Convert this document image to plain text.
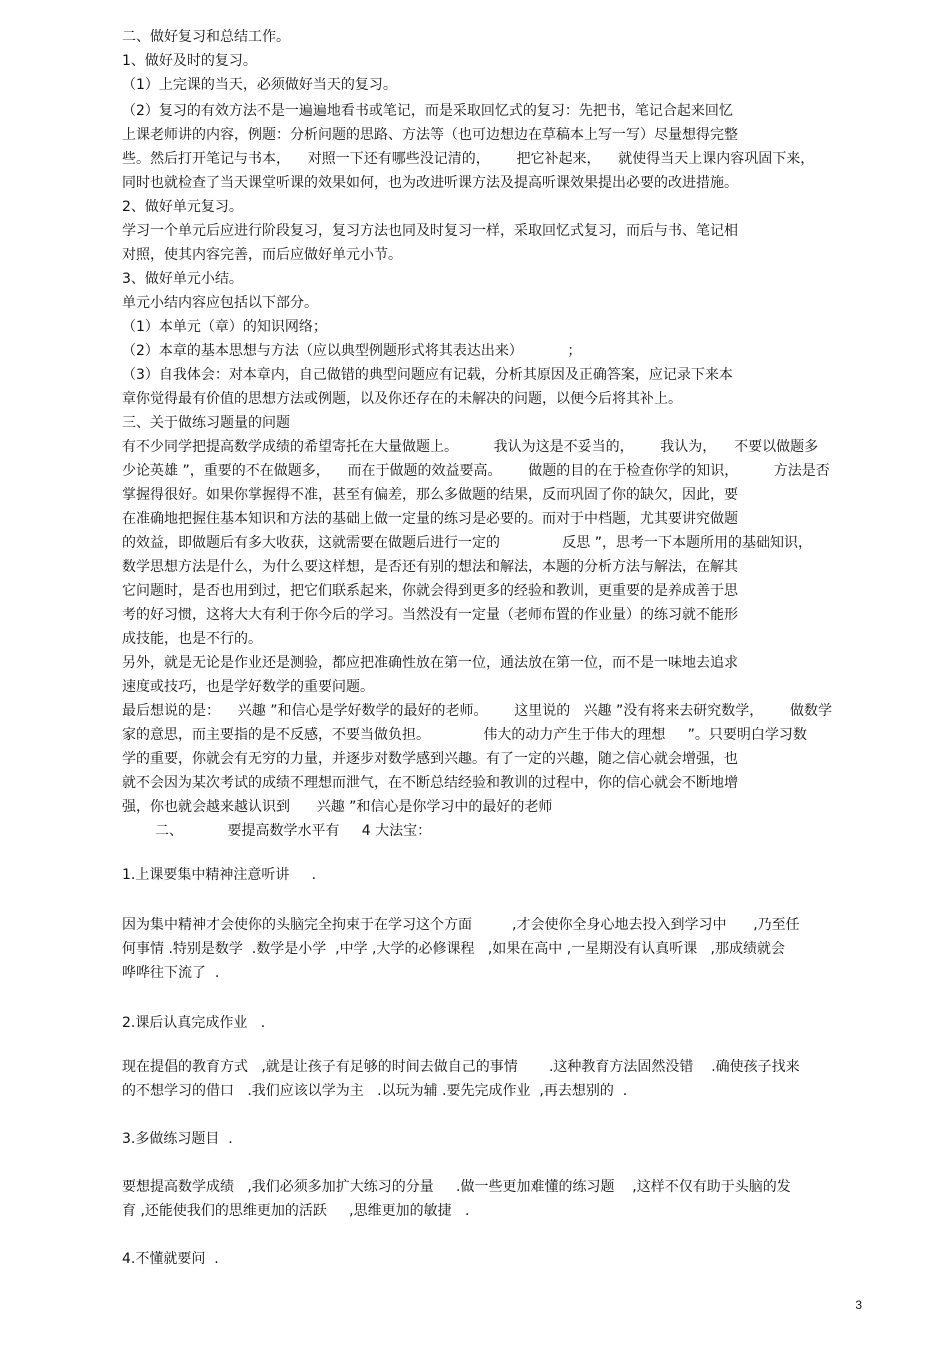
二、做好复习和总结工作。
1、做好及时的复习。
（1）上完课的当天，必须做好当天的复习。
（2）复习的有效方法不是一遍遍地看书或笔记，而是采取回忆式的复习：先把书，笔记合起来回忆
上课老师讲的内容，例题：分析问题的思路、方法等（也可边想边在草稿本上写一写）尽量想得完整
些。然后打开笔记与书本，    对照一下还有哪些没记清的，      把它补起来，    就使得当天上课内容巩固下来，
同时也就检查了当天课堂听课的效果如何，也为改进听课方法及提高听课效果提出必要的改进措施。
2、做好单元复习。
学习一个单元后应进行阶段复习，复习方法也同及时复习一样，采取回忆式复习，而后与书、笔记相
对照，使其内容完善，而后应做好单元小节。
3、做好单元小结。
单元小结内容应包括以下部分。
（1）本单元（章）的知识网络；
（2）本章的基本思想与方法（应以典型例题形式将其表达出来）          ；
（3）自我体会：对本章内，自己做错的典型问题应有记载，分析其原因及正确答案，应记录下来本
章你觉得最有价值的思想方法或例题，以及你还存在的未解决的问题，以便今后将其补上。
三、关于做练习题量的问题
有不少同学把提高数学成绩的希望寄托在大量做题上。        我认为这是不妥当的，      我认为，    不要以做题多
少论英雄 ”，重要的不在做题多，    而在于做题的效益要高。      做题的目的在于检查你学的知识，        方法是否
掌握得很好。如果你掌握得不准，甚至有偏差，那么多做题的结果，反而巩固了你的缺欠，因此，要
在准确地把握住基本知识和方法的基础上做一定量的练习是必要的。而对于中档题，尤其要讲究做题
的效益，即做题后有多大收获，这就需要在做题后进行一定的              反思 ”，思考一下本题所用的基础知识，
数学思想方法是什么，为什么要这样想，是否还有别的想法和解法，本题的分析方法与解法，在解其
它问题时，是否也用到过，把它们联系起来，你就会得到更多的经验和教训，更重要的是养成善于思
考的好习惯，这将大大有利于你今后的学习。当然没有一定量（老师布置的作业量）的练习就不能形
成技能，也是不行的。
另外，就是无论是作业还是测验，都应把准确性放在第一位，通法放在第一位，而不是一味地去追求
速度或技巧，也是学好数学的重要问题。
最后想说的是：    兴趣 ”和信心是学好数学的最好的老师。      这里说的   兴趣 ”没有将来去研究数学，      做数学
家的意思，而主要指的是不反感，不要当做负担。            伟大的动力产生于伟大的理想     ”。只要明白学习数
学的重要，你就会有无穷的力量，并逐步对数学感到兴趣。有了一定的兴趣，随之信心就会增强，也
就不会因为某次考试的成绩不理想而泄气，在不断总结经验和教训的过程中，你的信心就会不断地增
强，你也就会越来越认识到      兴趣 ”和信心是你学习中的最好的老师
二、          要提高数学水平有     4 大法宝：
1.上课要集中精神注意听讲     .
因为集中精神才会使你的头脑完全拘束于在学习这个方面         ,才会使你全身心地去投入到学习中      ,乃至任
何事情 .特别是数学  .数学是小学  ,中学 ,大学的必修课程   ,如果在高中 ,一星期没有认真听课   ,那成绩就会
哗哗往下流了  .
2.课后认真完成作业   .
现在提倡的教育方式   ,就是让孩子有足够的时间去做自己的事情       .这种教育方法固然没错    .确使孩子找来
的不想学习的借口   .我们应该以学为主   .以玩为辅 .要先完成作业  ,再去想别的  .
3.多做练习题目  .
要想提高数学成绩   ,我们必须多加扩大练习的分量     .做一些更加难懂的练习题    ,这样不仅有助于头脑的发
育 ,还能使我们的思维更加的活跃     ,思维更加的敏捷   .
4.不懂就要问  .
3
